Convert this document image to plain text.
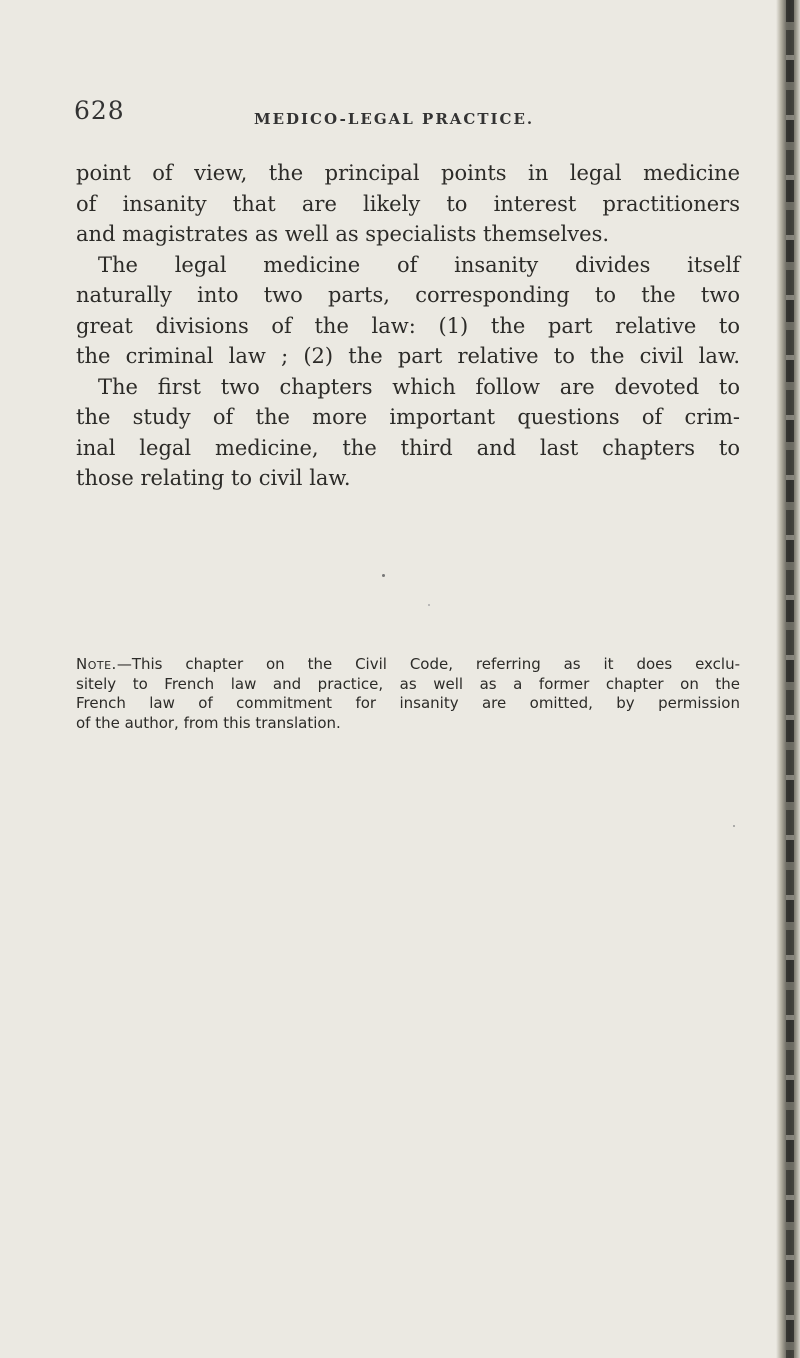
628	MEDICO-LEGAL PRACTICE.
point of view, the principal points in legal medicine
of insanity that are likely to interest practitioners
and magistrates as well as specialists themselves.
The legal medicine of insanity divides itself
naturally into two parts, corresponding to the two
great divisions of the law: (1) the part relative to
the criminal law ; (2) the part relative to the civil law.
The first two chapters which follow are devoted to
the study of the more important questions of crim-
inal legal medicine, the third and last chapters to
those relating to civil law.
Note.—This chapter on the Civil Code, referring as it does exclu-
sitely to French law and practice, as well as a former chapter on the
French law of commitment for insanity are omitted, by permission
of the author, from this translation.
